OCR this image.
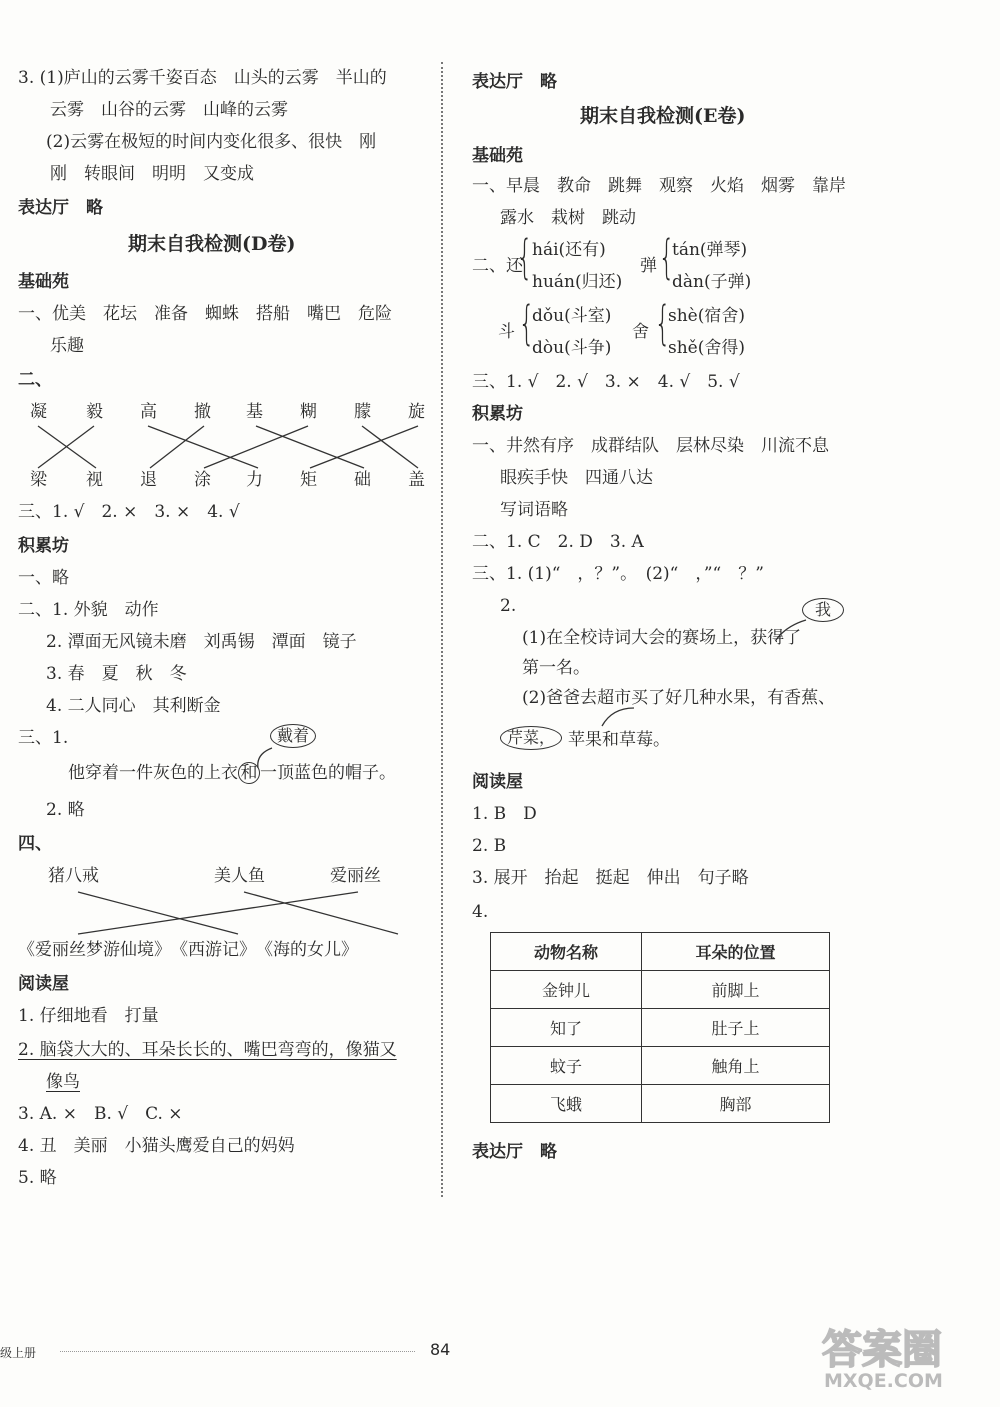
3. (1)庐山的云雾千姿百态　山头的云雾　半山的
云雾　山谷的云雾　山峰的云雾
(2)云雾在极短的时间内变化很多、很快　刚
刚　转眼间　明明　又变成
表达厅　略
期末自我检测(D卷)
基础苑
一、优美　花坛　准备　蜘蛛　搭船　嘴巴　危险
乐趣
二、
凝 毅 高 撤 基 糊 朦 旋
梁 视 退 涂 力 矩 础 盖
三、1. √　2. ×　3. ×　4. √
积累坊
一、略
二、1. 外貌　动作
2. 潭面无风镜未磨　刘禹锡　潭面　镜子
3. 春　夏　秋　冬
4. 二人同心　其利断金
三、1.	戴着
他穿着一件灰色的上衣 和 一顶蓝色的帽子。
2. 略
四、
猪八戒	美人鱼	爱丽丝
《爱丽丝梦游仙境》　《西游记》　《海的女儿》
阅读屋
1. 仔细地看　打量
2. 脑袋大大的、耳朵长长的、嘴巴弯弯的，像猫又
像鸟
3. A. ×　B. √　C. ×
4. 丑　美丽　小猫头鹰爱自己的妈妈
5. 略
表达厅　略
期末自我检测(E卷)
基础苑
一、早晨　教命　跳舞　观察　火焰　烟雾　靠岸
露水　栽树　跳动
二、还
{ hái(还有)
huán(归还)
弹 {
tán(弹琴)
dàn(子弹)
斗 {
dǒu(斗室)
dòu(斗争)
舍 {
shè(宿舍)
shě(舍得)
三、1. √　2. √　3. ×　4. √　5. √
积累坊
一、井然有序　成群结队　层林尽染　川流不息
眼疾手快　四通八达
写词语略
二、1. C　2. D　3. A
三、1. (1)“　，？”。　(2)“　，”“　？”
2.	我
(1)在全校诗词大会的赛场上，获得了
第一名。
(2)爸爸去超市买了好几种水果，有香蕉、
芹菜， 苹果和草莓。
阅读屋
1. B　D
2. B
3. 展开　抬起　挺起　伸出　句子略
4.
动物名称	耳朵的位置
金钟儿	前脚上
知了	肚子上
蚊子	触角上
飞蛾	胸部
表达厅　略
级上册	84	答案圈
MXQE.COM
